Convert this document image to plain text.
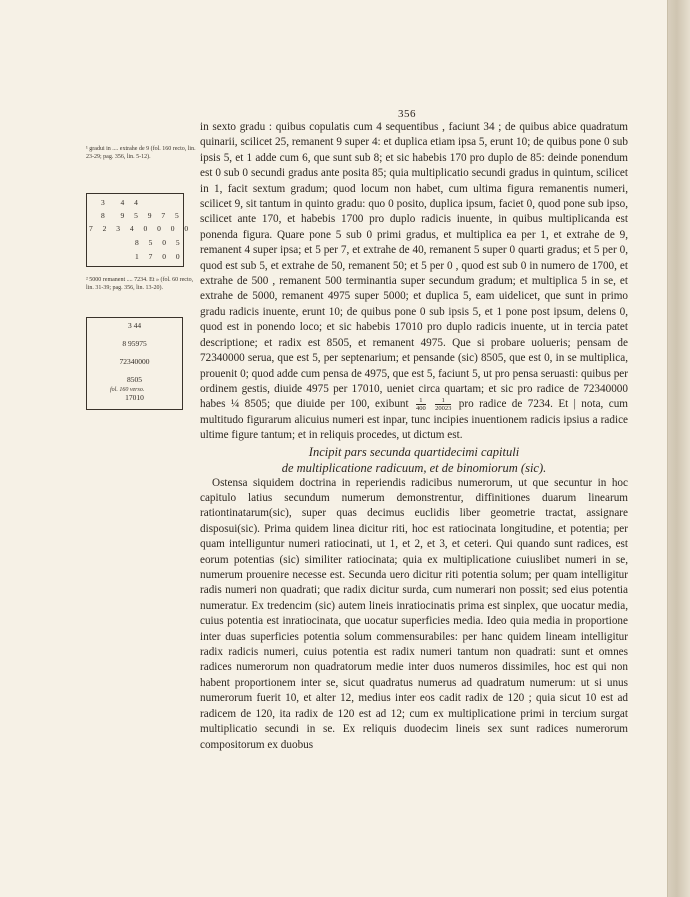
356
¹ gradui in .... extrahe de 9 (fol. 160 recto, lin. 23-29; pag. 356, lin. 5-12).
3  4 4
8  9 5 9 7 5
7 2 3 4 0 0 0 0
8 5 0 5
1 7 0 0
² 5000 remanent .... 7234. Et » (fol. 60 recto, lin. 31-39; pag. 356, lin. 13-20).
3 44
8 95975
72340000
8505
17010
fol. 160 verso.

in sexto gradu : quibus copulatis cum 4 sequentibus , faciunt 34 ; de quibus abice quadratum quinarii, scilicet 25, remanent 9 super 4: et duplica etiam ipsa 5, erunt 10; de quibus pone 0 sub ipsis 5, et 1 adde cum 6, que sunt sub 8; et sic habebis 170 pro duplo de 85: deinde ponendum est 0 sub 0 secundi gradus ante posita 85; quia multiplicatio secundi gradus in quintum, scilicet in 1, facit sextum gradum; quod locum non habet, cum ultima figura remanentis numeri, scilicet 9, sit tantum in quinto gradu: quo 0 posito, duplica ipsum, faciet 0, quod pone sub ipso, scilicet ante 170, et habebis 1700 pro duplo radicis inuente, in quibus multiplicanda est ponenda figura. Quare pone 5 sub 0 primi gradus, et multiplica ea per 1, et extrahe de 9, remanent 4 super ipsa; et 5 per 7, et extrahe de 40, remanent 5 super 0 quarti gradus; et 5 per 0, quod est sub 5, et extrahe de 50, remanent 50; et 5 per 0 , quod est sub 0 in numero de 1700, et extrahe de 500 , remanent 500 terminantia super secundum gradum; et multiplica 5 in se, et extrahe de 5000, remanent 4975 super 5000; et duplica 5, eam uidelicet, que sunt in primo gradu radicis inuente, erunt 10; de quibus pone 0 sub ipsis 5, et 1 pone post ipsum, delens 0, quod est in ponendo loco; et sic habebis 17010 pro duplo radicis inuente, ut in tercia patet descriptione; et radix est 8505, et remanent 4975. Que si probare uolueris; pensam de 72340000 serua, que est 5, per septenarium; et pensande (sic) 8505, que est 0, in se multiplica, prouenit 0; quod adde cum pensa de 4975, que est 5, faciunt 5, ut pro pensa seruasti: quibus per ordinem gestis, diuide 4975 per 17010, ueniet circa quartam; et sic pro radice de 72340000 habes ¼ 8505; que diuide per 100, exibunt $\frac{1}{400}$
$\frac{1}{20023}$ pro radice de 7234. Et | nota, cum multitudo figurarum alicuius numeri est inpar, tunc incipies inuentionem radicis ipsius a radice ultime figure tantum; et in reliquis procedes, ut dictum est.

Incipit pars secunda quartidecimi capituli

de multiplicatione radicuum, et de binomiorum (sic).

Ostensa siquidem doctrina in reperiendis radicibus numerorum, ut que secuntur in hoc capitulo latius secundum numerum demonstrentur, diffinitiones duarum linearum rationtinatarum(sic), super quas decimus euclidis liber geometrie tractat, assignare disposui(sic). Prima quidem linea dicitur riti, hoc est ratiocinata longitudine, et potentia; per quam intelliguntur numeri ratiocinati, ut 1, et 2, et 3, et ceteri. Qui quando sunt radices, est eorum potentias (sic) similiter ratiocinata; quia ex multiplicatione cuiuslibet numeri in se, numerum prouenire necesse est. Secunda uero dicitur riti potentia solum; per quam intelligitur radis numeri non quadrati; que radix dicitur surda, cum numerari non possit; sed eius potentia numeratur. Ex tredencim (sic) autem lineis inratiocinatis prima est sinplex, que uocatur media, cuius potentia est inratiocinata, que uocatur superficies media. Ideo quia media in proportione inter duas superficies potentia solum commensurabiles: per hanc quidem lineam intelligitur radix radicis numeri, cuius potentia est radix numeri tantum non quadrati: sunt et omnes radices numerorum non quadratorum medie inter duos numeros dissimiles, hoc est qui non habent proportionem inter se, sicut quadratus numerus ad quadratum numerum: ut si unus numerorum fuerit 10, et alter 12, medius inter eos cadit radix de 120 ; quia sicut 10 est ad radicem de 120, ita radix de 120 est ad 12; cum ex multiplicatione primi in tercium surgat multiplicatio secundi in se. Ex reliquis duodecim lineis sex sunt radices numerorum compositorum ex duobus
